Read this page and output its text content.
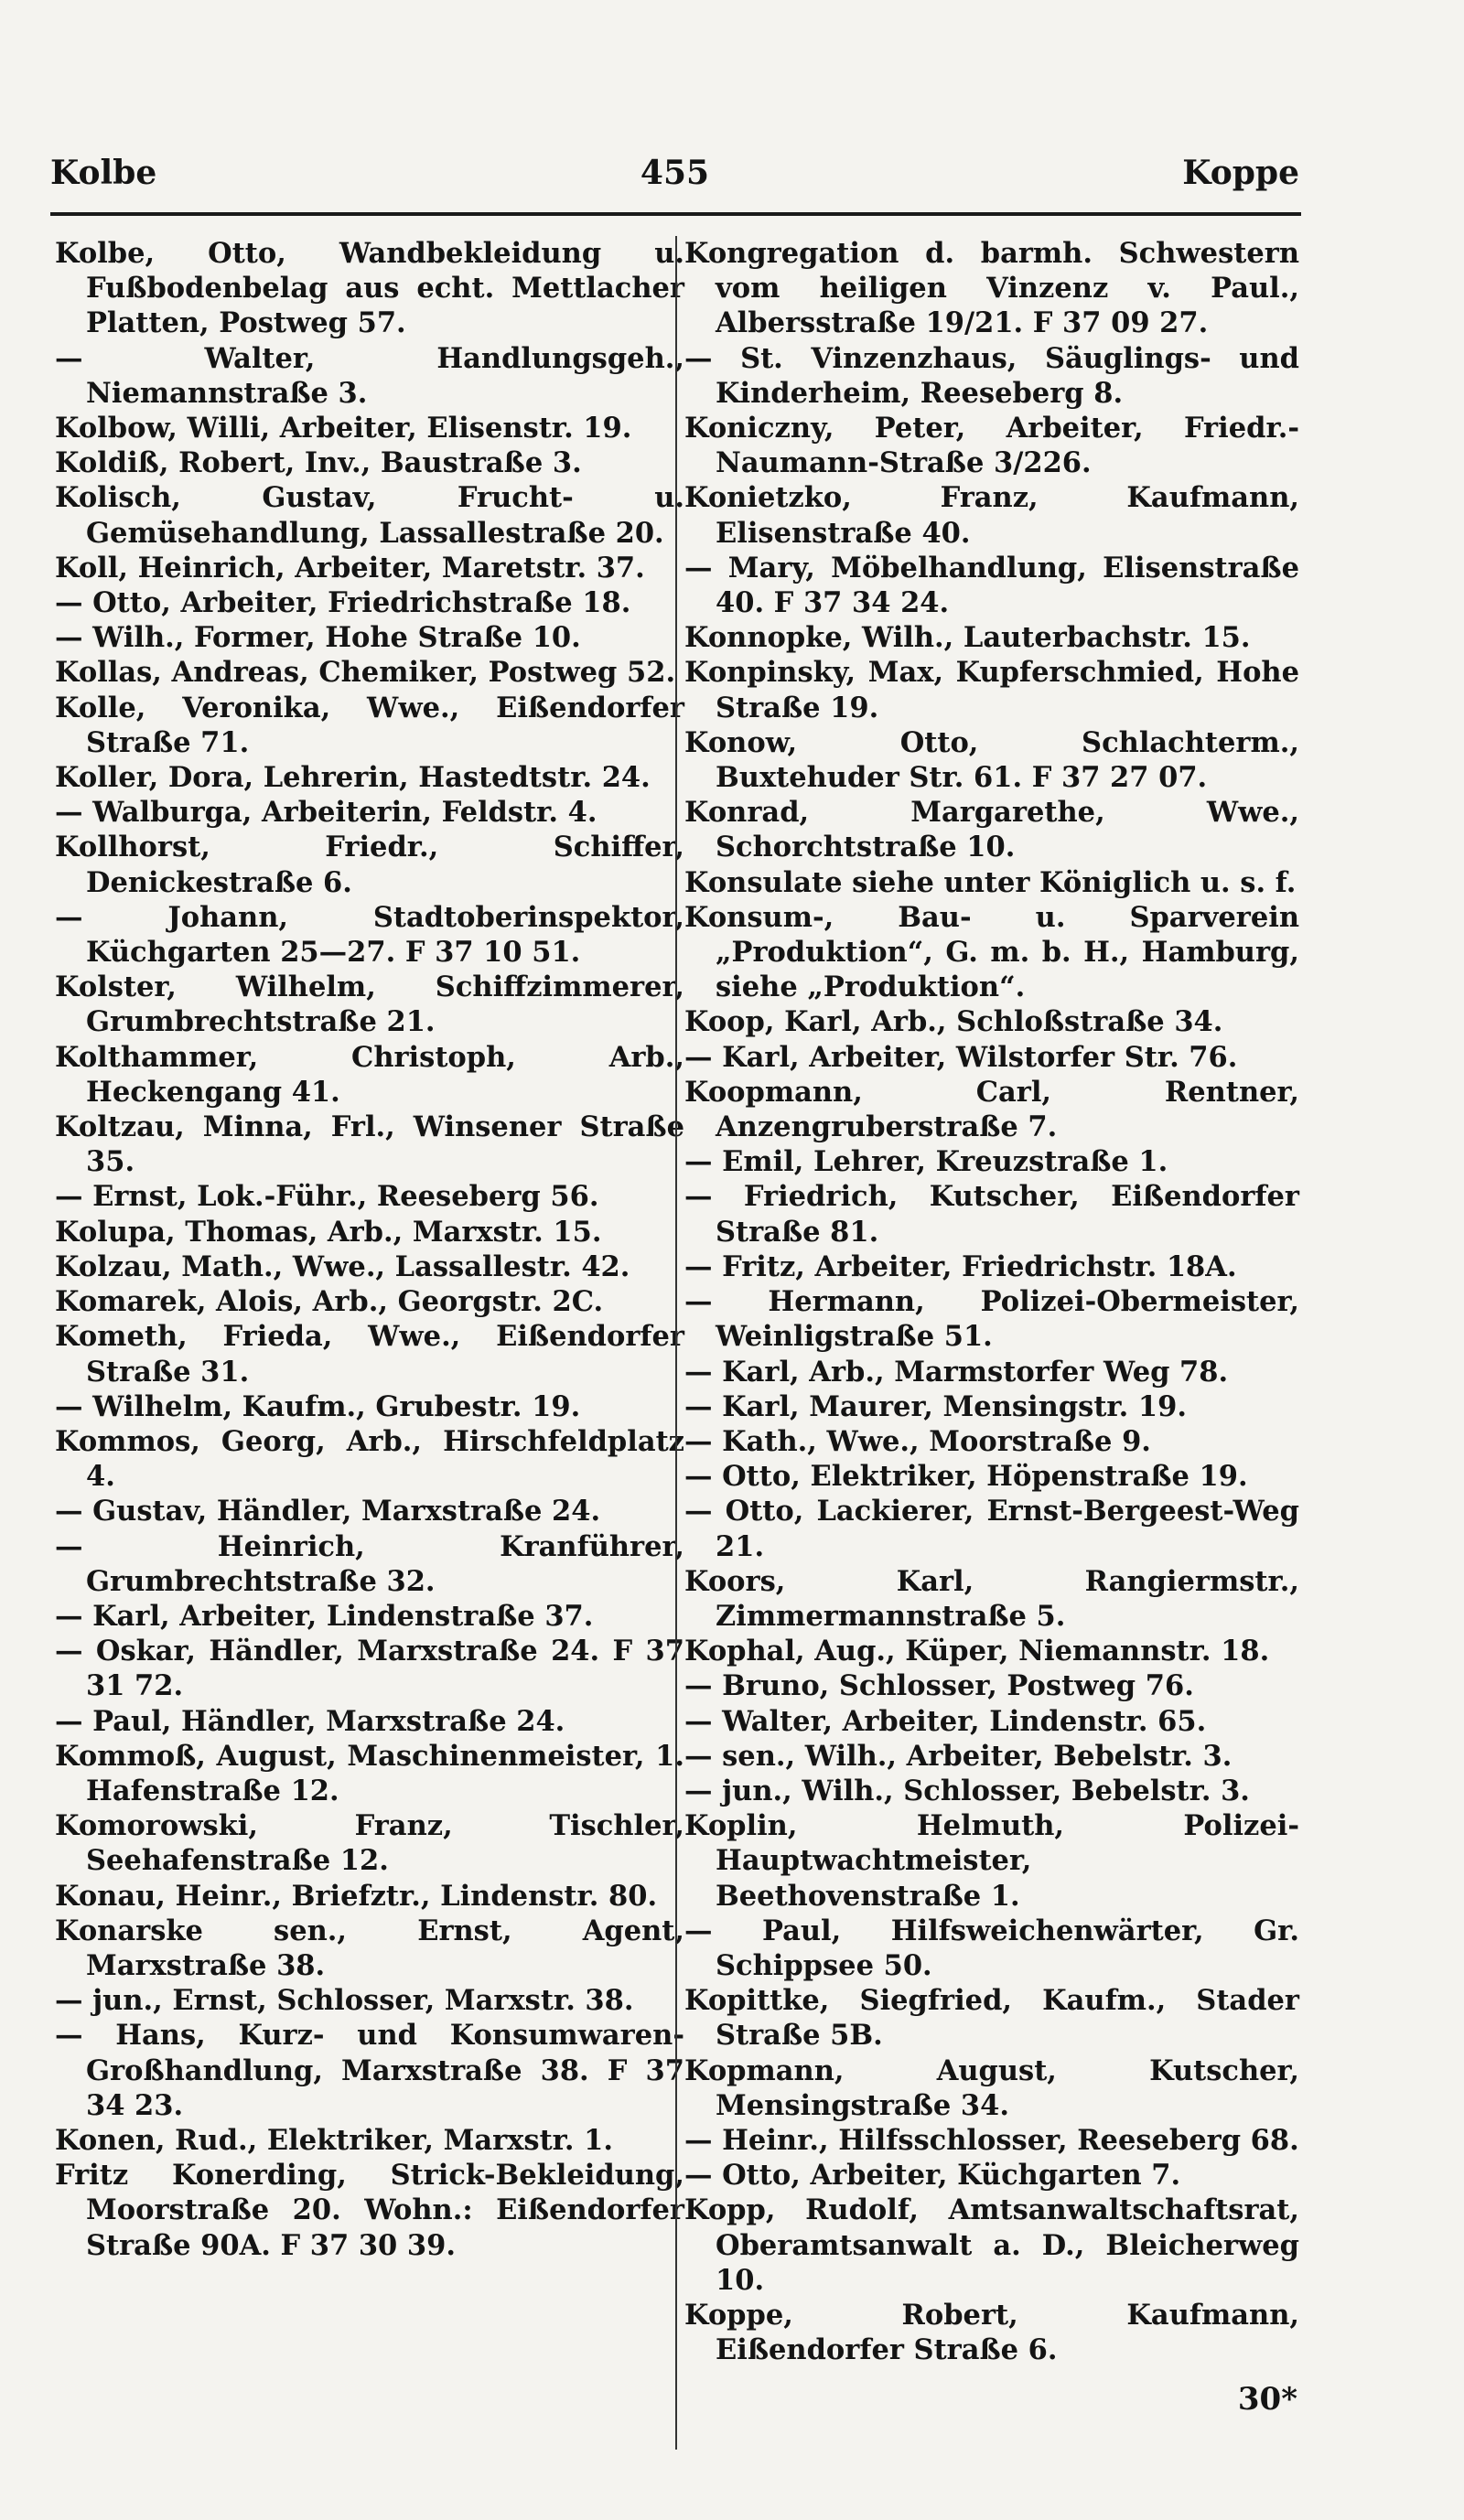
Kolbe	455	Koppe
Kolbe, Otto, Wandbekleidung u. Fußbodenbelag aus echt. Mettlacher Platten, Postweg 57.
— Walter, Handlungsgeh., Niemannstraße 3.
Kolbow, Willi, Arbeiter, Elisenstr. 19.
Koldiß, Robert, Inv., Baustraße 3.
Kolisch, Gustav, Frucht- u. Gemüsehandlung, Lassallestraße 20.
Koll, Heinrich, Arbeiter, Maretstr. 37.
— Otto, Arbeiter, Friedrichstraße 18.
— Wilh., Former, Hohe Straße 10.
Kollas, Andreas, Chemiker, Postweg 52.
Kolle, Veronika, Wwe., Eißendorfer Straße 71.
Koller, Dora, Lehrerin, Hastedtstr. 24.
— Walburga, Arbeiterin, Feldstr. 4.
Kollhorst, Friedr., Schiffer, Denickestraße 6.
— Johann, Stadtoberinspektor, Küchgarten 25—27. F 37 10 51.
Kolster, Wilhelm, Schiffzimmerer, Grumbrechtstraße 21.
Kolthammer, Christoph, Arb., Heckengang 41.
Koltzau, Minna, Frl., Winsener Straße 35.
— Ernst, Lok.-Führ., Reeseberg 56.
Kolupa, Thomas, Arb., Marxstr. 15.
Kolzau, Math., Wwe., Lassallestr. 42.
Komarek, Alois, Arb., Georgstr. 2C.
Kometh, Frieda, Wwe., Eißendorfer Straße 31.
— Wilhelm, Kaufm., Grubestr. 19.
Kommos, Georg, Arb., Hirschfeldplatz 4.
— Gustav, Händler, Marxstraße 24.
— Heinrich, Kranführer, Grumbrechtstraße 32.
— Karl, Arbeiter, Lindenstraße 37.
— Oskar, Händler, Marxstraße 24. F 37 31 72.
— Paul, Händler, Marxstraße 24.
Kommoß, August, Maschinenmeister, 1. Hafenstraße 12.
Komorowski, Franz, Tischler, Seehafenstraße 12.
Konau, Heinr., Briefztr., Lindenstr. 80.
Konarske sen., Ernst, Agent, Marxstraße 38.
— jun., Ernst, Schlosser, Marxstr. 38.
— Hans, Kurz- und Konsumwaren-Großhandlung, Marxstraße 38. F 37 34 23.
Konen, Rud., Elektriker, Marxstr. 1.
Fritz Konerding, Strick-Bekleidung, Moorstraße 20. Wohn.: Eißendorfer Straße 90A. F 37 30 39.
Kongregation d. barmh. Schwestern vom heiligen Vinzenz v. Paul., Albersstraße 19/21. F 37 09 27.
— St. Vinzenzhaus, Säuglings- und Kinderheim, Reeseberg 8.
Koniczny, Peter, Arbeiter, Friedr.-Naumann-Straße 3/226.
Konietzko, Franz, Kaufmann, Elisenstraße 40.
— Mary, Möbelhandlung, Elisenstraße 40. F 37 34 24.
Konnopke, Wilh., Lauterbachstr. 15.
Konpinsky, Max, Kupferschmied, Hohe Straße 19.
Konow, Otto, Schlachterm., Buxtehuder Str. 61. F 37 27 07.
Konrad, Margarethe, Wwe., Schorchtstraße 10.
Konsulate siehe unter Königlich u. s. f.
Konsum-, Bau- u. Sparverein „Produktion“, G. m. b. H., Hamburg, siehe „Produktion“.
Koop, Karl, Arb., Schloßstraße 34.
— Karl, Arbeiter, Wilstorfer Str. 76.
Koopmann, Carl, Rentner, Anzengruberstraße 7.
— Emil, Lehrer, Kreuzstraße 1.
— Friedrich, Kutscher, Eißendorfer Straße 81.
— Fritz, Arbeiter, Friedrichstr. 18A.
— Hermann, Polizei-Obermeister, Weinligstraße 51.
— Karl, Arb., Marmstorfer Weg 78.
— Karl, Maurer, Mensingstr. 19.
— Kath., Wwe., Moorstraße 9.
— Otto, Elektriker, Höpenstraße 19.
— Otto, Lackierer, Ernst-Bergeest-Weg 21.
Koors, Karl, Rangiermstr., Zimmermannstraße 5.
Kophal, Aug., Küper, Niemannstr. 18.
— Bruno, Schlosser, Postweg 76.
— Walter, Arbeiter, Lindenstr. 65.
— sen., Wilh., Arbeiter, Bebelstr. 3.
— jun., Wilh., Schlosser, Bebelstr. 3.
Koplin, Helmuth, Polizei-Hauptwachtmeister, Beethovenstraße 1.
— Paul, Hilfsweichenwärter, Gr. Schippsee 50.
Kopittke, Siegfried, Kaufm., Stader Straße 5B.
Kopmann, August, Kutscher, Mensingstraße 34.
— Heinr., Hilfsschlosser, Reeseberg 68.
— Otto, Arbeiter, Küchgarten 7.
Kopp, Rudolf, Amtsanwaltschaftsrat, Oberamtsanwalt a. D., Bleicherweg 10.
Koppe, Robert, Kaufmann, Eißendorfer Straße 6.
30*
